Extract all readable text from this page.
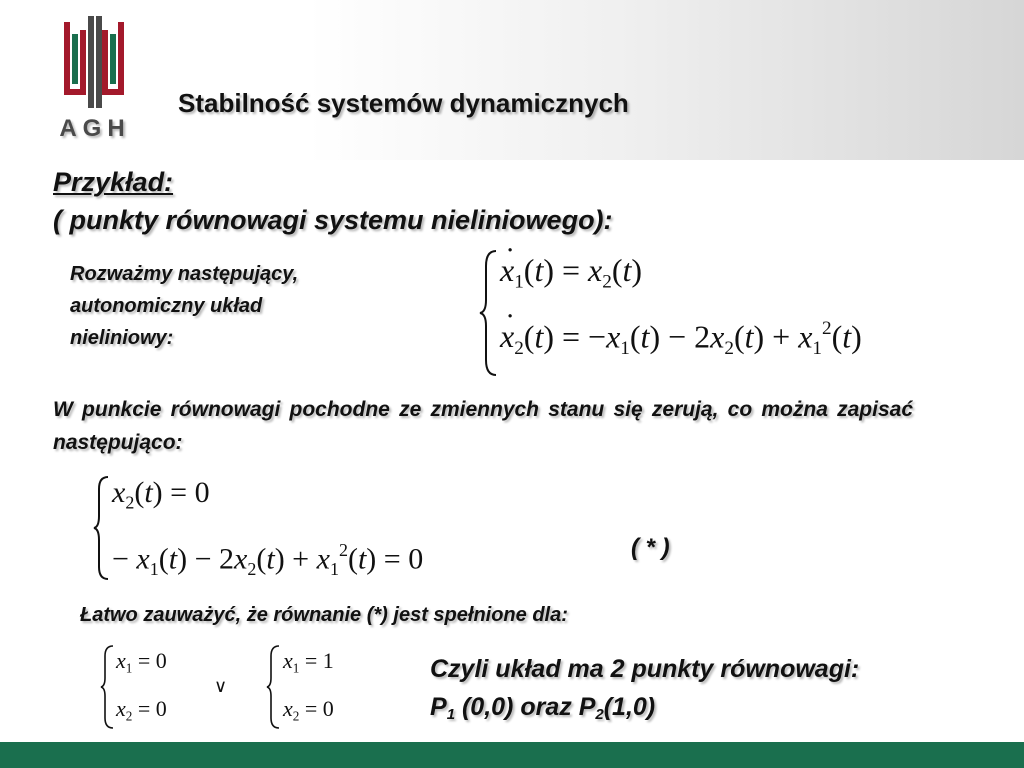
AGH
Stabilność systemów dynamicznych
Przykład:
( punkty równowagi systemu nieliniowego):
Rozważmy następujący,
autonomiczny układ
nieliniowy:
˙ $x_1(t) = x_2(t)$
˙ $x_2(t) = -x_1(t) - 2x_2(t) + x_1^2(t)$
W punkcie równowagi pochodne ze zmiennych stanu się zerują, co można zapisać następująco:
$x_2(t) = 0$
− $x_1(t) - 2x_2(t) + x_1^2(t) = 0$	( * )
Łatwo zauważyć, że równanie (*) jest spełnione dla:
$x_1 = 0$
$x_2 = 0$
∨
$x_1 = 1$
$x_2 = 0$
Czyli układ ma 2 punkty równowagi:
$P_1$ (0,0) oraz $P_2(1,0)$
